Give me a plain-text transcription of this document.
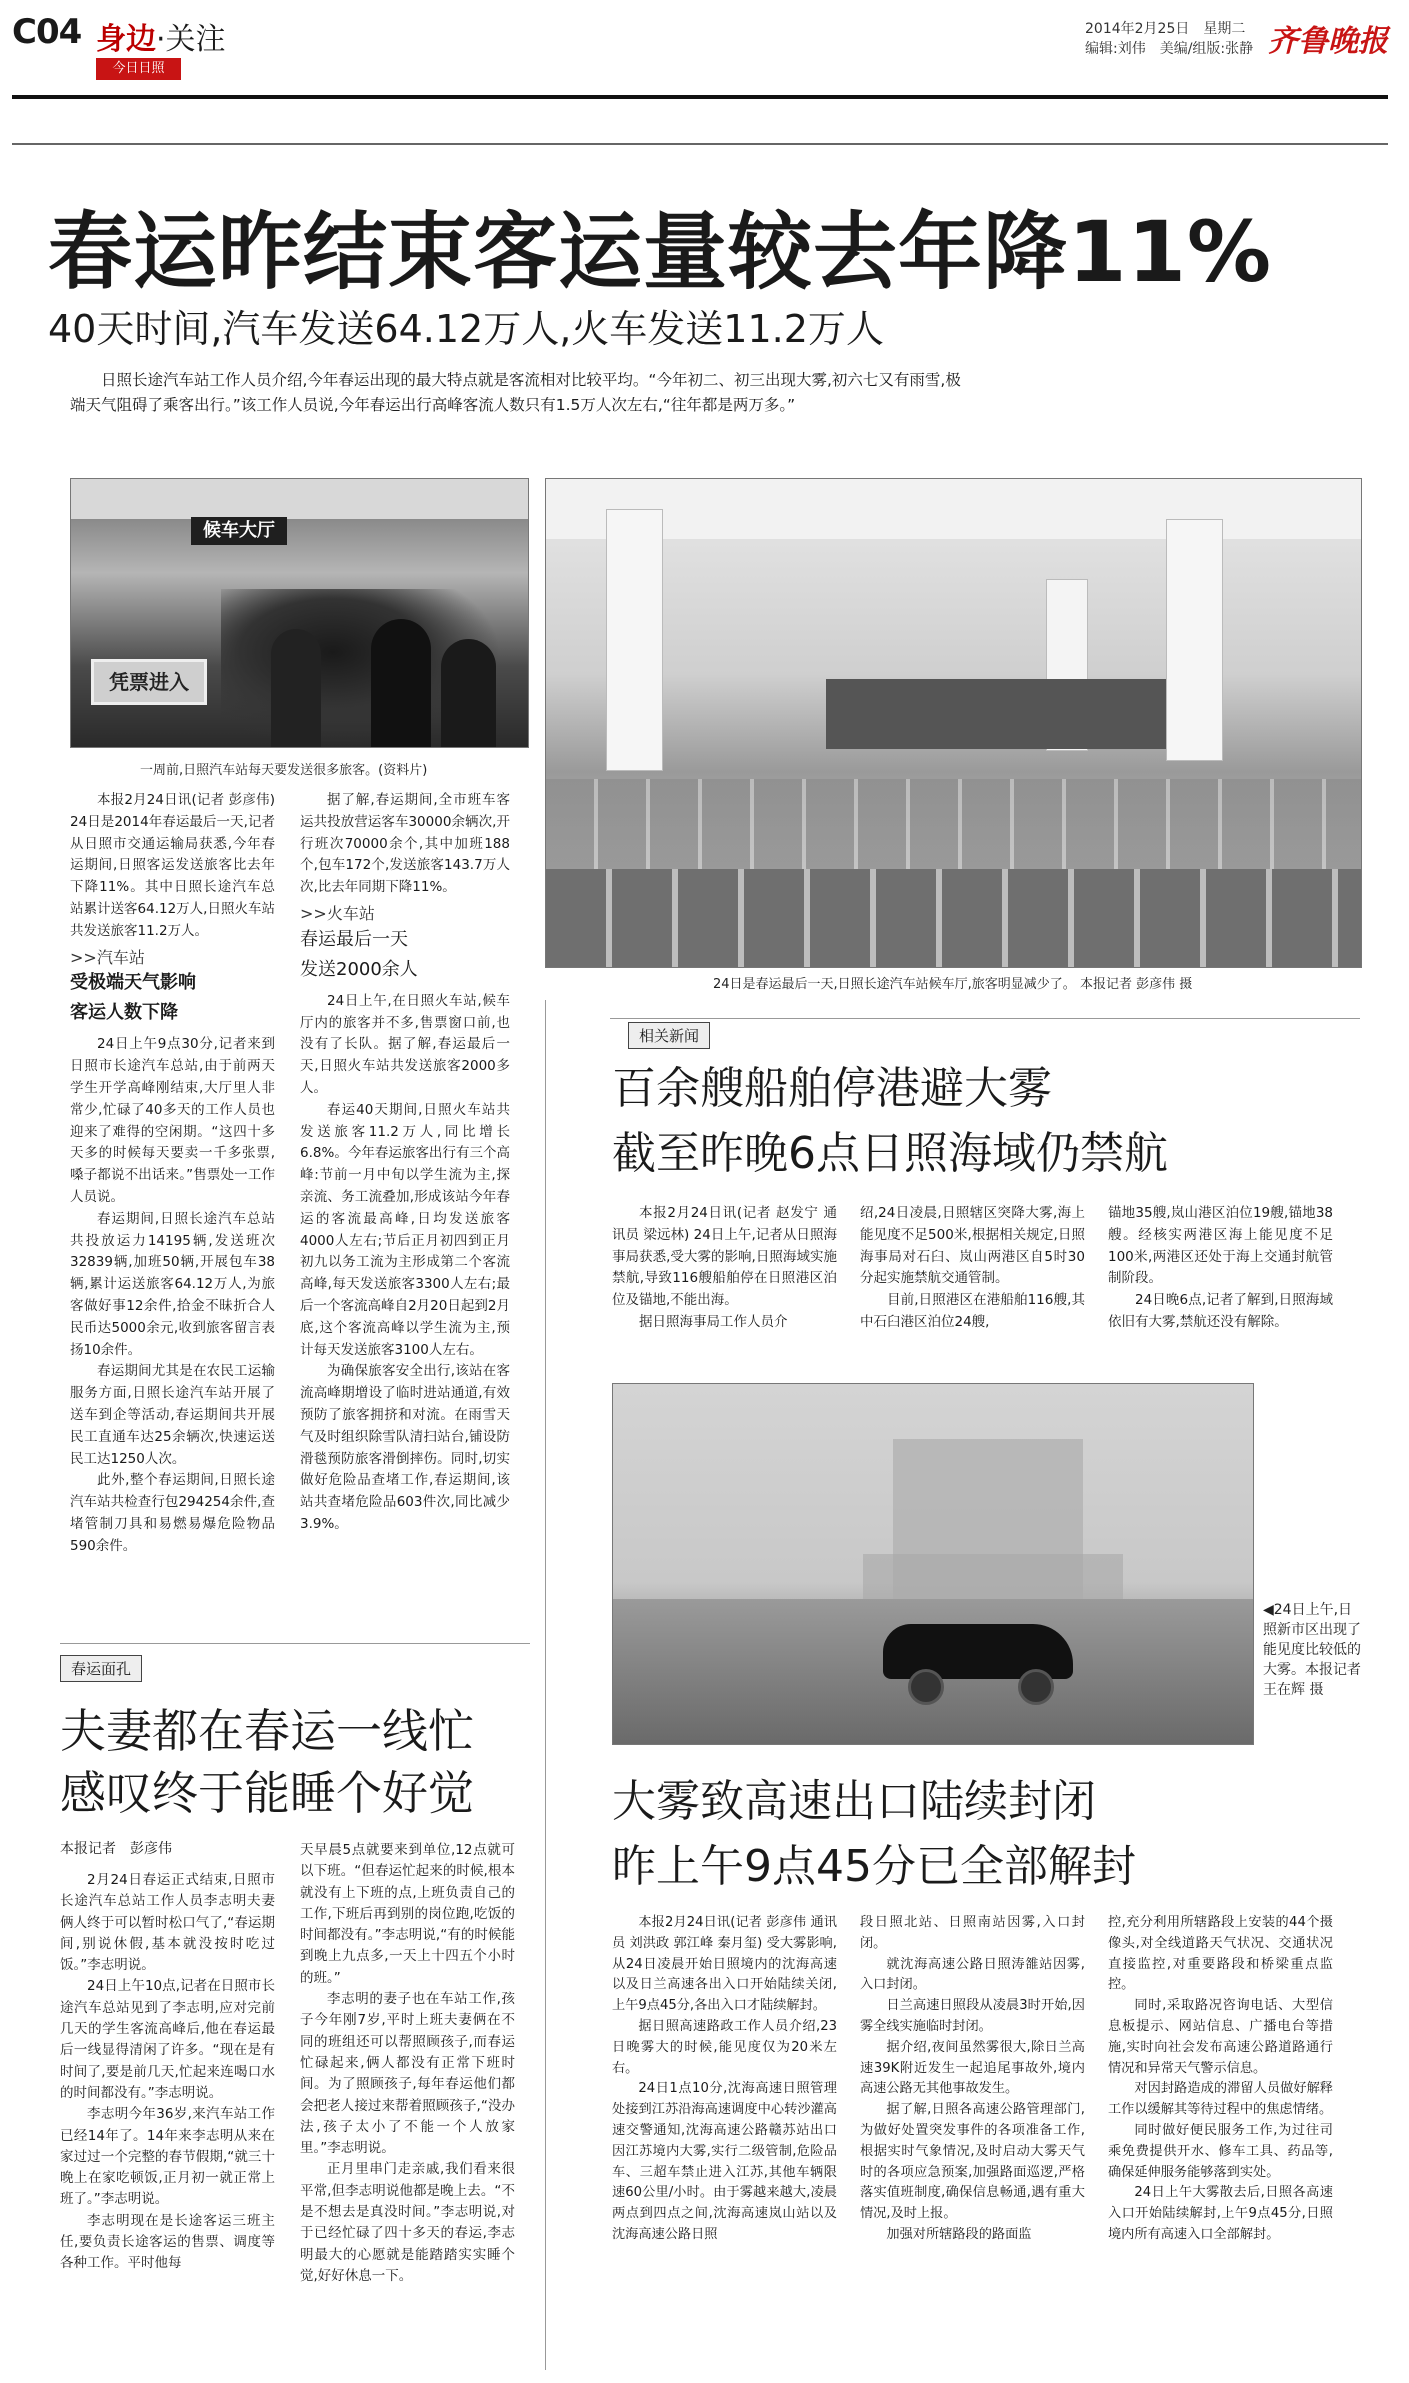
C04 身边·关注
今日日照
2014年2月25日　星期二
编辑:刘伟　美编/组版:张静 齐鲁晚报
春运昨结束客运量较去年降11%
40天时间,汽车发送64.12万人,火车发送11.2万人
日照长途汽车站工作人员介绍,今年春运出现的最大特点就是客流相对比较平均。“今年初二、初三出现大雾,初六七又有雨雪,极端天气阻碍了乘客出行。”该工作人员说,今年春运出行高峰客流人数只有1.5万人次左右,“往年都是两万多。”
候车大厅
凭票进入
一周前,日照汽车站每天要发送很多旅客。(资料片)
24日是春运最后一天,日照长途汽车站候车厅,旅客明显减少了。 本报记者 彭彦伟 摄

本报2月24日讯(记者 彭彦伟) 24日是2014年春运最后一天,记者从日照市交通运输局获悉,今年春运期间,日照客运发送旅客比去年下降11%。其中日照长途汽车总站累计送客64.12万人,日照火车站共发送旅客11.2万人。

>>汽车站
受极端天气影响
客运人数下降

24日上午9点30分,记者来到日照市长途汽车总站,由于前两天学生开学高峰刚结束,大厅里人非常少,忙碌了40多天的工作人员也迎来了难得的空闲期。“这四十多天多的时候每天要卖一千多张票,嗓子都说不出话来。”售票处一工作人员说。

春运期间,日照长途汽车总站共投放运力14195辆,发送班次32839辆,加班50辆,开展包车38辆,累计运送旅客64.12万人,为旅客做好事12余件,拾金不昧折合人民币达5000余元,收到旅客留言表扬10余件。

春运期间尤其是在农民工运输服务方面,日照长途汽车站开展了送车到企等活动,春运期间共开展民工直通车达25余辆次,快速运送民工达1250人次。

此外,整个春运期间,日照长途汽车站共检查行包294254余件,查堵管制刀具和易燃易爆危险物品590余件。

据了解,春运期间,全市班车客运共投放营运客车30000余辆次,开行班次70000余个,其中加班188个,包车172个,发送旅客143.7万人次,比去年同期下降11%。

>>火车站
春运最后一天
发送2000余人

24日上午,在日照火车站,候车厅内的旅客并不多,售票窗口前,也没有了长队。据了解,春运最后一天,日照火车站共发送旅客2000多人。

春运40天期间,日照火车站共发送旅客11.2万人,同比增长6.8%。今年春运旅客出行有三个高峰:节前一月中旬以学生流为主,探亲流、务工流叠加,形成该站今年春运的客流最高峰,日均发送旅客4000人左右;节后正月初四到正月初九以务工流为主形成第二个客流高峰,每天发送旅客3300人左右;最后一个客流高峰自2月20日起到2月底,这个客流高峰以学生流为主,预计每天发送旅客3100人左右。

为确保旅客安全出行,该站在客流高峰期增设了临时进站通道,有效预防了旅客拥挤和对流。在雨雪天气及时组织除雪队清扫站台,铺设防滑毯预防旅客滑倒摔伤。同时,切实做好危险品查堵工作,春运期间,该站共查堵危险品603件次,同比减少3.9%。

春运面孔
夫妻都在春运一线忙
感叹终于能睡个好觉
本报记者　彭彦伟

2月24日春运正式结束,日照市长途汽车总站工作人员李志明夫妻俩人终于可以暂时松口气了,“春运期间,别说休假,基本就没按时吃过饭。”李志明说。

24日上午10点,记者在日照市长途汽车总站见到了李志明,应对完前几天的学生客流高峰后,他在春运最后一线显得清闲了许多。“现在是有时间了,要是前几天,忙起来连喝口水的时间都没有。”李志明说。

李志明今年36岁,来汽车站工作已经14年了。14年来李志明从来在家过过一个完整的春节假期,“就三十晚上在家吃顿饭,正月初一就正常上班了。”李志明说。

李志明现在是长途客运三班主任,要负责长途客运的售票、调度等各种工作。平时他每

天早晨5点就要来到单位,12点就可以下班。“但春运忙起来的时候,根本就没有上下班的点,上班负责自己的工作,下班后再到别的岗位跑,吃饭的时间都没有。”李志明说,“有的时候能到晚上九点多,一天上十四五个小时的班。”

李志明的妻子也在车站工作,孩子今年刚7岁,平时上班夫妻俩在不同的班组还可以帮照顾孩子,而春运忙碌起来,俩人都没有正常下班时间。为了照顾孩子,每年春运他们都会把老人接过来帮着照顾孩子,“没办法,孩子太小了不能一个人放家里。”李志明说。

正月里串门走亲戚,我们看来很平常,但李志明说他都是晚上去。“不是不想去是真没时间。”李志明说,对于已经忙碌了四十多天的春运,李志明最大的心愿就是能踏踏实实睡个觉,好好休息一下。

相关新闻
百余艘船舶停港避大雾
截至昨晚6点日照海域仍禁航

本报2月24日讯(记者 赵发宁 通讯员 梁远林) 24日上午,记者从日照海事局获悉,受大雾的影响,日照海域实施禁航,导致116艘船舶停在日照港区泊位及锚地,不能出海。

据日照海事局工作人员介

绍,24日凌晨,日照辖区突降大雾,海上能见度不足500米,根据相关规定,日照海事局对石臼、岚山两港区自5时30分起实施禁航交通管制。

目前,日照港区在港船舶116艘,其中石臼港区泊位24艘,

锚地35艘,岚山港区泊位19艘,锚地38艘。经核实两港区海上能见度不足100米,两港区还处于海上交通封航管制阶段。

24日晚6点,记者了解到,日照海域依旧有大雾,禁航还没有解除。

◀24日上午,日照新市区出现了能见度比较低的大雾。本报记者 王在辉 摄
大雾致高速出口陆续封闭
昨上午9点45分已全部解封

本报2月24日讯(记者 彭彦伟 通讯员 刘洪政 郭江峰 秦月玺) 受大雾影响,从24日凌晨开始日照境内的沈海高速以及日兰高速各出入口开始陆续关闭,上午9点45分,各出入口才陆续解封。

据日照高速路政工作人员介绍,23日晚雾大的时候,能见度仅为20米左右。

24日1点10分,沈海高速日照管理处接到江苏沿海高速调度中心转沙灌高速交警通知,沈海高速公路赣苏站出口因江苏境内大雾,实行二级管制,危险品车、三超车禁止进入江苏,其他车辆限速60公里/小时。由于雾越来越大,凌晨两点到四点之间,沈海高速岚山站以及沈海高速公路日照

段日照北站、日照南站因雾,入口封闭。

就沈海高速公路日照涛雒站因雾,入口封闭。

日兰高速日照段从凌晨3时开始,因雾全线实施临时封闭。

据介绍,夜间虽然雾很大,除日兰高速39K附近发生一起追尾事故外,境内高速公路无其他事故发生。

据了解,日照各高速公路管理部门,为做好处置突发事件的各项准备工作,根据实时气象情况,及时启动大雾天气时的各项应急预案,加强路面巡逻,严格落实值班制度,确保信息畅通,遇有重大情况,及时上报。

加强对所辖路段的路面监

控,充分利用所辖路段上安装的44个摄像头,对全线道路天气状况、交通状况直接监控,对重要路段和桥梁重点监控。

同时,采取路况咨询电话、大型信息板提示、网站信息、广播电台等措施,实时向社会发布高速公路道路通行情况和异常天气警示信息。

对因封路造成的滞留人员做好解释工作以缓解其等待过程中的焦虑情绪。

同时做好便民服务工作,为过往司乘免费提供开水、修车工具、药品等,确保延伸服务能够落到实处。

24日上午大雾散去后,日照各高速入口开始陆续解封,上午9点45分,日照境内所有高速入口全部解封。
